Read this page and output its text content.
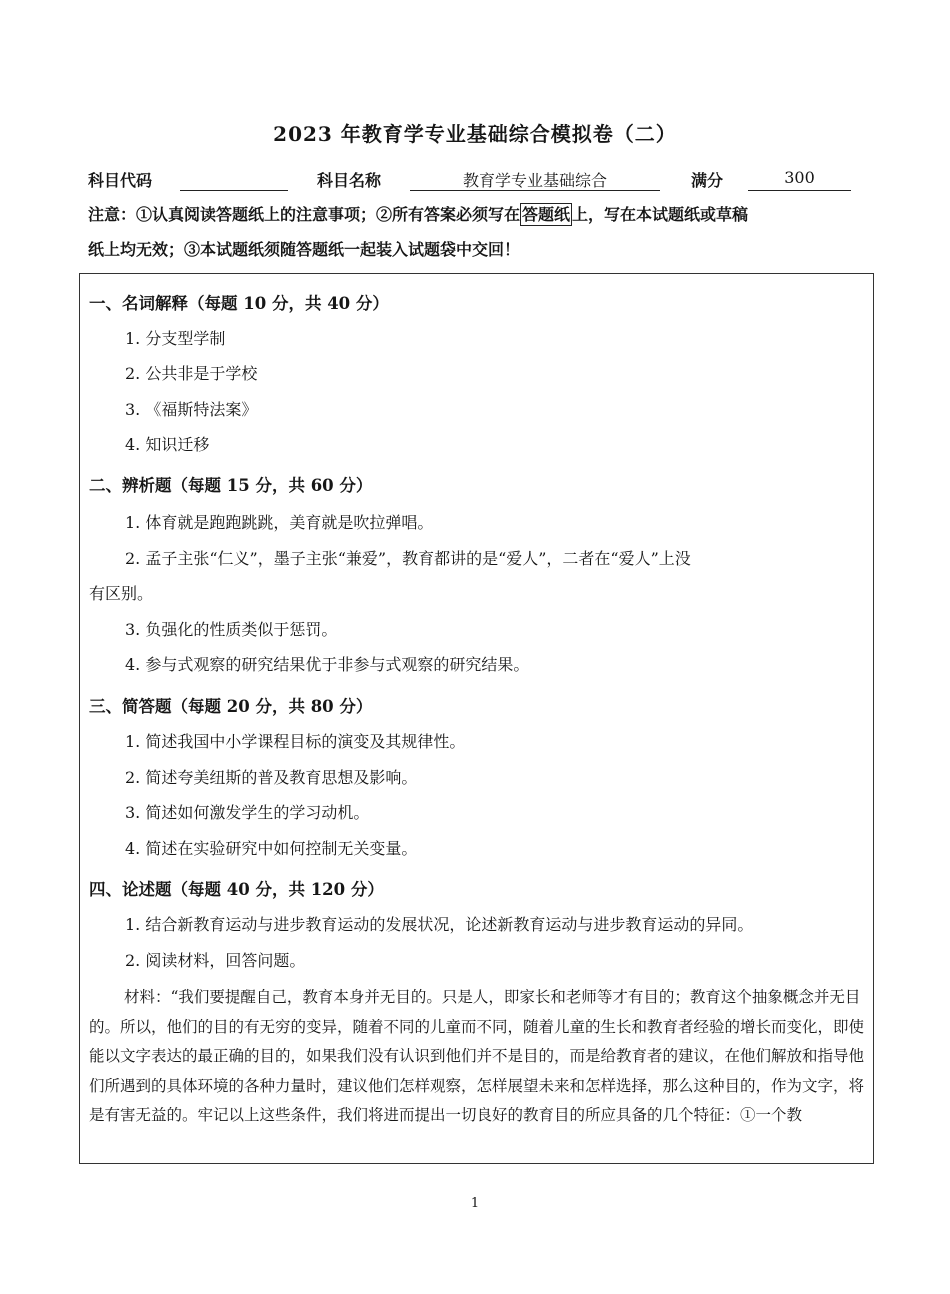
2023 年教育学专业基础综合模拟卷（二）
科目代码	科目名称	教育学专业基础综合	满分	300
注意：①认真阅读答题纸上的注意事项；②所有答案必须写在 答题纸 上，写在本试题纸或草稿
纸上均无效；③本试题纸须随答题纸一起装入试题袋中交回！
一、名词解释（每题 10 分，共 40 分）
1. 分支型学制
2. 公共非是于学校
3. 《福斯特法案》
4. 知识迁移
二、辨析题（每题 15 分，共 60 分）
1. 体育就是跑跑跳跳，美育就是吹拉弹唱。
2. 孟子主张“仁义”，墨子主张“兼爱”，教育都讲的是“爱人”，二者在“爱人”上没
有区别。
3. 负强化的性质类似于惩罚。
4. 参与式观察的研究结果优于非参与式观察的研究结果。
三、简答题（每题 20 分，共 80 分）
1. 简述我国中小学课程目标的演变及其规律性。
2. 简述夸美纽斯的普及教育思想及影响。
3. 简述如何激发学生的学习动机。
4. 简述在实验研究中如何控制无关变量。
四、论述题（每题 40 分，共 120 分）
1. 结合新教育运动与进步教育运动的发展状况，论述新教育运动与进步教育运动的异同。
2. 阅读材料，回答问题。
材料：“我们要提醒自己，教育本身并无目的。只是人，即家长和老师等才有目的；教育这个抽象概念并无目的。所以，他们的目的有无穷的变异，随着不同的儿童而不同，随着儿童的生长和教育者经验的增长而变化，即使能以文字表达的最正确的目的，如果我们没有认识到他们并不是目的，而是给教育者的建议，在他们解放和指导他们所遇到的具体环境的各种力量时，建议他们怎样观察，怎样展望未来和怎样选择，那么这种目的，作为文字，将是有害无益的。牢记以上这些条件，我们将进而提出一切良好的教育目的所应具备的几个特征：①一个教
1
